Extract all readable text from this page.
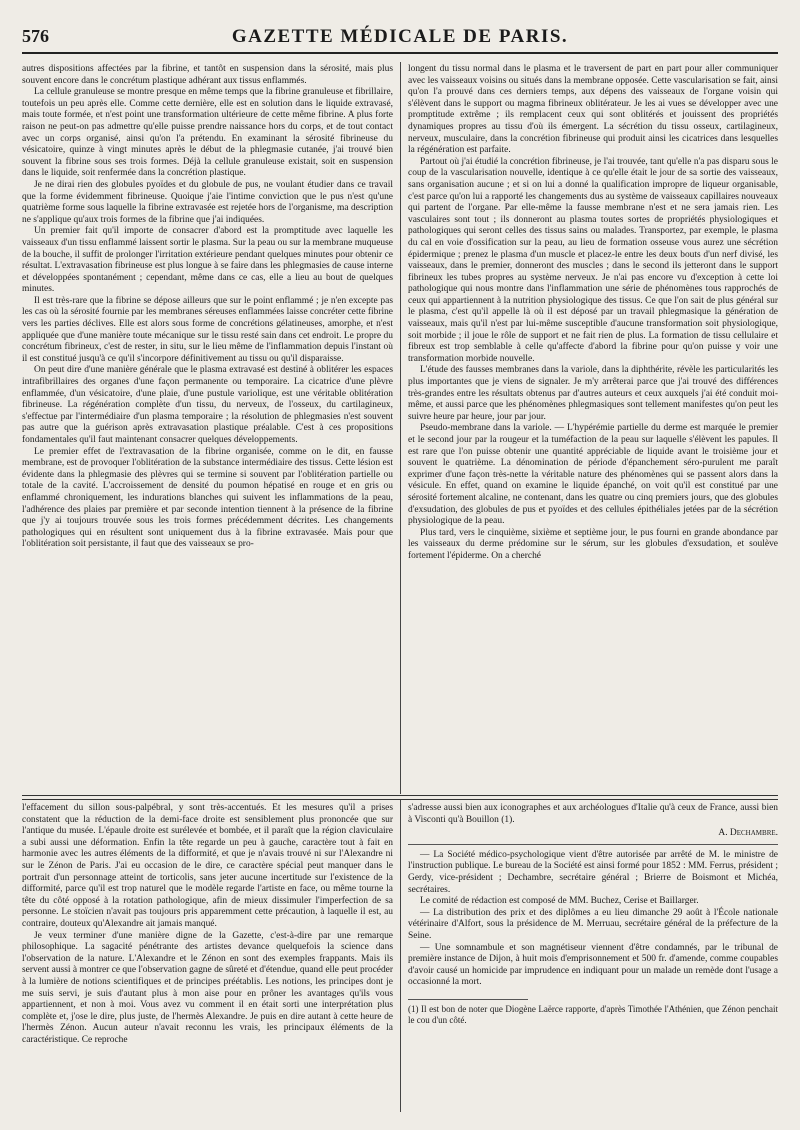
576	GAZETTE MÉDICALE DE PARIS.

autres dispositions affectées par la fibrine, et tantôt en suspension dans la sérosité, mais plus souvent encore dans le concrétum plastique adhérant aux tissus enflammés.

La cellule granuleuse se montre presque en même temps que la fibrine granuleuse et fibrillaire, toutefois un peu après elle. Comme cette dernière, elle est en solution dans le liquide extravasé, mais toute formée, et n'est point une transformation ultérieure de cette même fibrine. A plus forte raison ne peut-on pas admettre qu'elle puisse prendre naissance hors du corps, et de tout contact avec un corps organisé, ainsi qu'on l'a prétendu. En examinant la sérosité fibrineuse du vésicatoire, quinze à vingt minutes après le début de la phlegmasie cutanée, j'ai trouvé bien souvent la fibrine sous ses trois formes. Déjà la cellule granuleuse existait, soit en suspension dans le liquide, soit renfermée dans la concrétion plastique.

Je ne dirai rien des globules pyoïdes et du globule de pus, ne voulant étudier dans ce travail que la forme évidemment fibrineuse. Quoique j'aie l'intime conviction que le pus n'est qu'une quatrième forme sous laquelle la fibrine extravasée est rejetée hors de l'organisme, ma description ne s'applique qu'aux trois formes de la fibrine que j'ai indiquées.

Un premier fait qu'il importe de consacrer d'abord est la promptitude avec laquelle les vaisseaux d'un tissu enflammé laissent sortir le plasma. Sur la peau ou sur la membrane muqueuse de la bouche, il suffit de prolonger l'irritation extérieure pendant quelques minutes pour obtenir ce résultat. L'extravasation fibrineuse est plus longue à se faire dans les phlegmasies de cause interne et développées spontanément ; cependant, même dans ce cas, elle a lieu au bout de quelques minutes.

Il est très-rare que la fibrine se dépose ailleurs que sur le point enflammé ; je n'en excepte pas les cas où la sérosité fournie par les membranes séreuses enflammées laisse concréter cette fibrine vers les parties déclives. Elle est alors sous forme de concrétions gélatineuses, amorphe, et n'est appliquée que d'une manière toute mécanique sur le tissu resté sain dans cet endroit. Le propre du concrétum fibrineux, c'est de rester, in situ, sur le lieu même de l'inflammation depuis l'instant où il est constitué jusqu'à ce qu'il s'incorpore définitivement au tissu ou qu'il disparaisse.

On peut dire d'une manière générale que le plasma extravasé est destiné à oblitérer les espaces intrafibrillaires des organes d'une façon permanente ou temporaire. La cicatrice d'une plèvre enflammée, d'un vésicatoire, d'une plaie, d'une pustule variolique, est une véritable oblitération fibrineuse. La régénération complète d'un tissu, du nerveux, de l'osseux, du cartilagineux, s'effectue par l'intermédiaire d'un plasma temporaire ; la résolution de phlegmasies n'est souvent pas autre que la guérison après extravasation plastique préalable. C'est à ces propositions fondamentales qu'il faut maintenant consacrer quelques développements.

Le premier effet de l'extravasation de la fibrine organisée, comme on le dit, en fausse membrane, est de provoquer l'oblitération de la substance intermédiaire des tissus. Cette lésion est évidente dans la phlegmasie des plèvres qui se termine si souvent par l'oblitération partielle ou totale de la cavité. L'accroissement de densité du poumon hépatisé en rouge et en gris ou enflammé chroniquement, les indurations blanches qui suivent les inflammations de la peau, l'adhérence des plaies par première et par seconde intention tiennent à la présence de la fibrine que j'y ai toujours trouvée sous les trois formes précédemment décrites. Les changements pathologiques qui en résultent sont uniquement dus à la fibrine extravasée. Mais pour que l'oblitération soit persistante, il faut que des vaisseaux se pro-

longent du tissu normal dans le plasma et le traversent de part en part pour aller communiquer avec les vaisseaux voisins ou situés dans la membrane opposée. Cette vascularisation se fait, ainsi qu'on l'a prouvé dans ces derniers temps, aux dépens des vaisseaux de l'organe voisin qui s'élèvent dans le support ou magma fibrineux oblitérateur. Je les ai vues se développer avec une promptitude extrême ; ils remplacent ceux qui sont oblitérés et jouissent des propriétés dynamiques propres au tissu d'où ils émergent. La sécrétion du tissu osseux, cartilagineux, nerveux, musculaire, dans la concrétion fibrineuse qui produit ainsi les cicatrices dans lesquelles la régénération est parfaite.

Partout où j'ai étudié la concrétion fibrineuse, je l'ai trouvée, tant qu'elle n'a pas disparu sous le coup de la vascularisation nouvelle, identique à ce qu'elle était le jour de sa sortie des vaisseaux, sans organisation aucune ; et si on lui a donné la qualification impropre de liqueur organisable, c'est parce qu'on lui a rapporté les changements dus au système de vaisseaux capillaires nouveaux qui partent de l'organe. Par elle-même la fausse membrane n'est et ne sera jamais rien. Les vasculaires sont tout ; ils donneront au plasma toutes sortes de propriétés physiologiques et pathologiques qui seront celles des tissus sains ou malades. Transportez, par exemple, le plasma du cal en voie d'ossification sur la peau, au lieu de formation osseuse vous aurez une sécrétion épidermique ; prenez le plasma d'un muscle et placez-le entre les deux bouts d'un nerf divisé, les vaisseaux, dans le premier, donneront des muscles ; dans le second ils jetteront dans le support fibrineux les tubes propres au système nerveux. Je n'ai pas encore vu d'exception à cette loi pathologique qui nous montre dans l'inflammation une série de phénomènes tous rapprochés de ceux qui appartiennent à la nutrition physiologique des tissus. Ce que l'on sait de plus général sur le plasma, c'est qu'il appelle là où il est déposé par un travail phlegmasique la génération de vaisseaux, mais qu'il n'est par lui-même susceptible d'aucune transformation soit physiologique, soit morbide ; il joue le rôle de support et ne fait rien de plus. La formation de tissu cellulaire et fibreux est trop semblable à celle qu'affecte d'abord la fibrine pour qu'on puisse y voir une transformation morbide nouvelle.

L'étude des fausses membranes dans la variole, dans la diphthérite, révèle les particularités les plus importantes que je viens de signaler. Je m'y arrêterai parce que j'ai trouvé des différences très-grandes entre les résultats obtenus par d'autres auteurs et ceux auxquels j'ai été conduit moi-même, et aussi parce que les phénomènes phlegmasiques sont tellement manifestes qu'on peut les suivre heure par heure, jour par jour.

Pseudo-membrane dans la variole. — L'hypérémie partielle du derme est marquée le premier et le second jour par la rougeur et la tuméfaction de la peau sur laquelle s'élèvent les papules. Il est rare que l'on puisse obtenir une quantité appréciable de liquide avant le troisième jour et souvent le quatrième. La dénomination de période d'épanchement séro-purulent me paraît exprimer d'une façon très-nette la véritable nature des phénomènes qui se passent alors dans la vésicule. En effet, quand on examine le liquide épanché, on voit qu'il est constitué par une sérosité fortement alcaline, ne contenant, dans les quatre ou cinq premiers jours, que des globules d'exsudation, des globules de pus et pyoïdes et des cellules épithéliales jetées par de la sécrétion physiologique de la peau.

Plus tard, vers le cinquième, sixième et septième jour, le pus fourni en grande abondance par les vaisseaux du derme prédomine sur le sérum, sur les globules d'exsudation, et soulève fortement l'épiderme. On a cherché

l'effacement du sillon sous-palpébral, y sont très-accentués. Et les mesures qu'il a prises constatent que la réduction de la demi-face droite est sensiblement plus prononcée que sur l'antique du musée. L'épaule droite est surélevée et bombée, et il paraît que la région claviculaire a subi aussi une déformation. Enfin la tête regarde un peu à gauche, caractère tout à fait en harmonie avec les autres éléments de la difformité, et que je n'avais trouvé ni sur l'Alexandre ni sur le Zénon de Paris. J'ai eu occasion de le dire, ce caractère spécial peut manquer dans le portrait d'un personnage atteint de torticolis, sans jeter aucune incertitude sur l'existence de la difformité, parce qu'il est trop naturel que le modèle regarde l'artiste en face, ou même tourne la tête du côté opposé à la rotation pathologique, afin de mieux dissimuler l'imperfection de sa personne. Le stoïcien n'avait pas toujours pris apparemment cette précaution, à laquelle il est, au contraire, douteux qu'Alexandre ait jamais manqué.

Je veux terminer d'une manière digne de la Gazette, c'est-à-dire par une remarque philosophique. La sagacité pénétrante des artistes devance quelquefois la science dans l'observation de la nature. L'Alexandre et le Zénon en sont des exemples frappants. Mais ils servent aussi à montrer ce que l'observation gagne de sûreté et d'étendue, quand elle peut procéder à la lumière de notions scientifiques et de principes préétablis. Les notions, les principes dont je me suis servi, je suis d'autant plus à mon aise pour en prôner les avantages qu'ils vous appartiennent, et non à moi. Vous avez vu comment il en était sorti une interprétation plus complète et, j'ose le dire, plus juste, de l'hermès Alexandre. Je puis en dire autant à cette heure de l'hermès Zénon. Aucun auteur n'avait reconnu les vrais, les principaux éléments de la caractéristique. Ce reproche

s'adresse aussi bien aux iconographes et aux archéologues d'Italie qu'à ceux de France, aussi bien à Visconti qu'à Bouillon (1).

A. Dechambre.

— La Société médico-psychologique vient d'être autorisée par arrêté de M. le ministre de l'instruction publique. Le bureau de la Société est ainsi formé pour 1852 : MM. Ferrus, président ; Gerdy, vice-président ; Dechambre, secrétaire général ; Brierre de Boismont et Michéa, secrétaires.

Le comité de rédaction est composé de MM. Buchez, Cerise et Baillarger.

— La distribution des prix et des diplômes a eu lieu dimanche 29 août à l'École nationale vétérinaire d'Alfort, sous la présidence de M. Merruau, secrétaire général de la préfecture de la Seine.

— Une somnambule et son magnétiseur viennent d'être condamnés, par le tribunal de première instance de Dijon, à huit mois d'emprisonnement et 500 fr. d'amende, comme coupables d'avoir causé un homicide par imprudence en indiquant pour un malade un remède dont l'usage a occasionné la mort.

(1) Il est bon de noter que Diogène Laërce rapporte, d'après Timothée l'Athénien, que Zénon penchait le cou d'un côté.
